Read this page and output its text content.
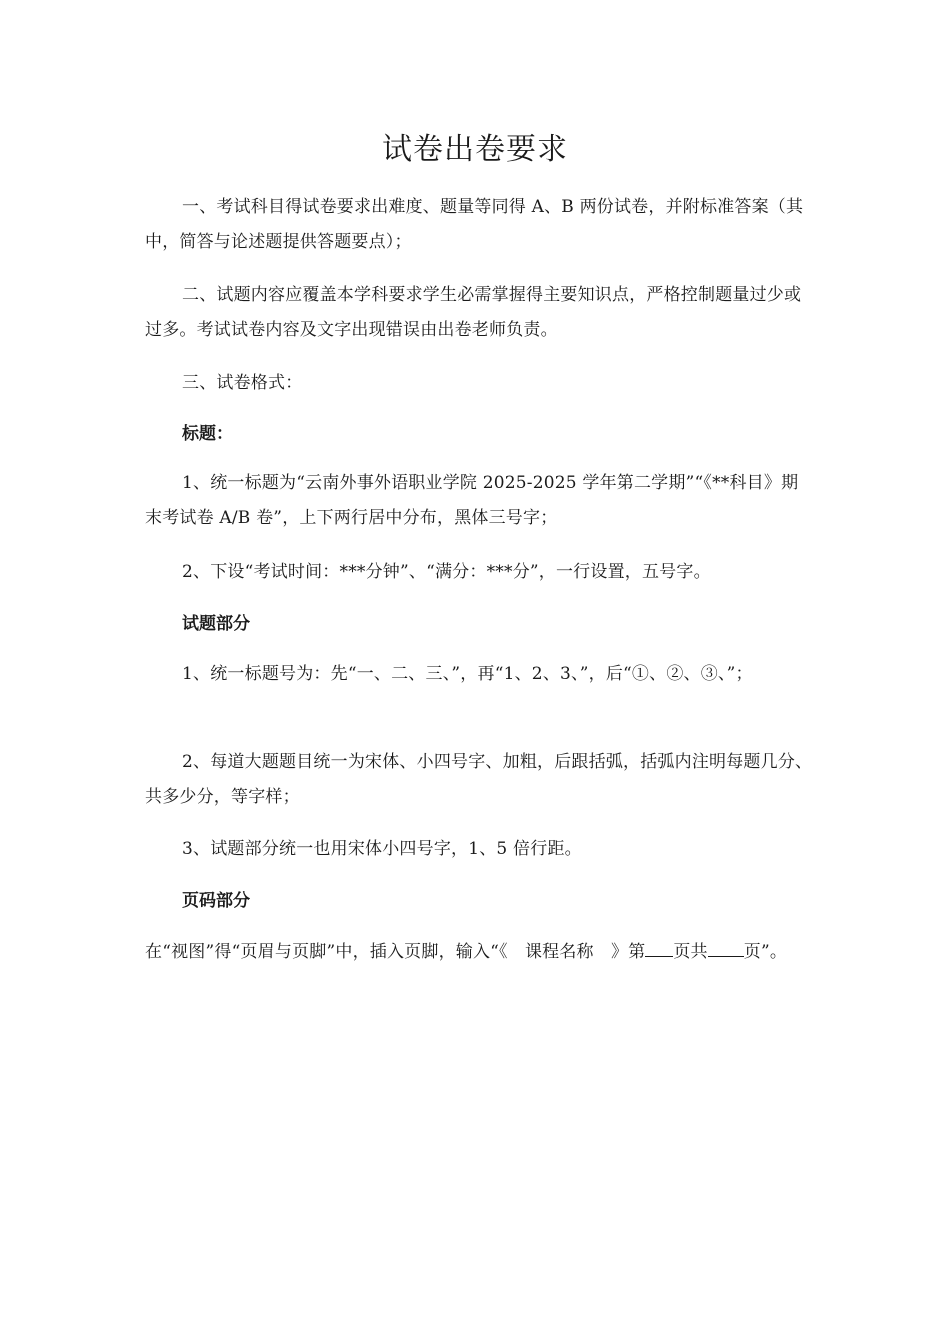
试卷出卷要求
一、考试科目得试卷要求出难度、题量等同得 A、B 两份试卷，并附标准答案（其中，简答与论述题提供答题要点）；
二、试题内容应覆盖本学科要求学生必需掌握得主要知识点，严格控制题量过少或过多。考试试卷内容及文字出现错误由出卷老师负责。
三、试卷格式：
标题：
1、统一标题为“云南外事外语职业学院 2025-2025 学年第二学期”“《**科目》期末考试卷 A/B 卷”，上下两行居中分布，黑体三号字；
2、下设“考试时间：***分钟”、“满分：***分”，一行设置，五号字。
试题部分
1、统一标题号为：先“一、二、三、”，再“1、2、3、”，后“①、②、③、”；
2、每道大题题目统一为宋体、小四号字、加粗，后跟括弧，括弧内注明每题几分、共多少分，等字样；
3、试题部分统一也用宋体小四号字，1、5 倍行距。
页码部分
在“视图”得“页眉与页脚”中，插入页脚，输入“《　课程名称　》第 页共 页”。
